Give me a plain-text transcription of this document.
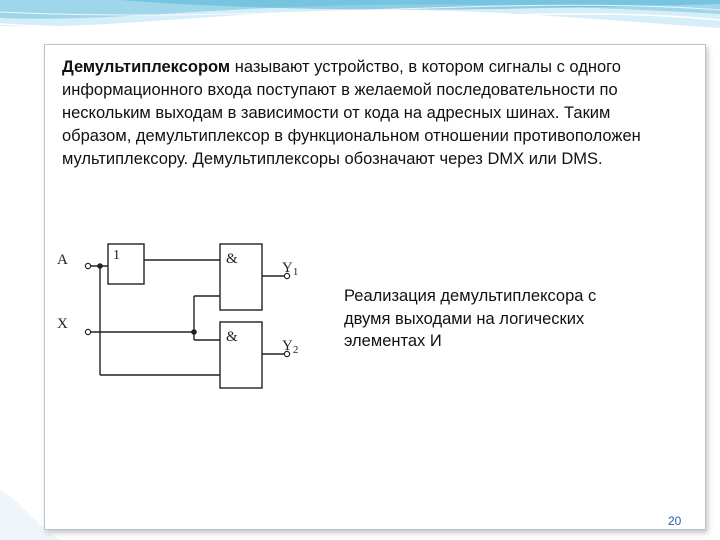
Демультиплексором называют устройство, в котором сигналы с одного информационного входа поступают в желаемой последовательности по нескольким выходам в зависимости от кода на адресных шинах. Таким образом, демультиплексор в функциональном отношении противоположен мультиплексору. Демультиплексоры обозначают через DMX или DMS.

A
X
1	&
&
$Y_1$
$Y_2$

Реализация демультиплексора с двумя выходами на логических элементах И

20
